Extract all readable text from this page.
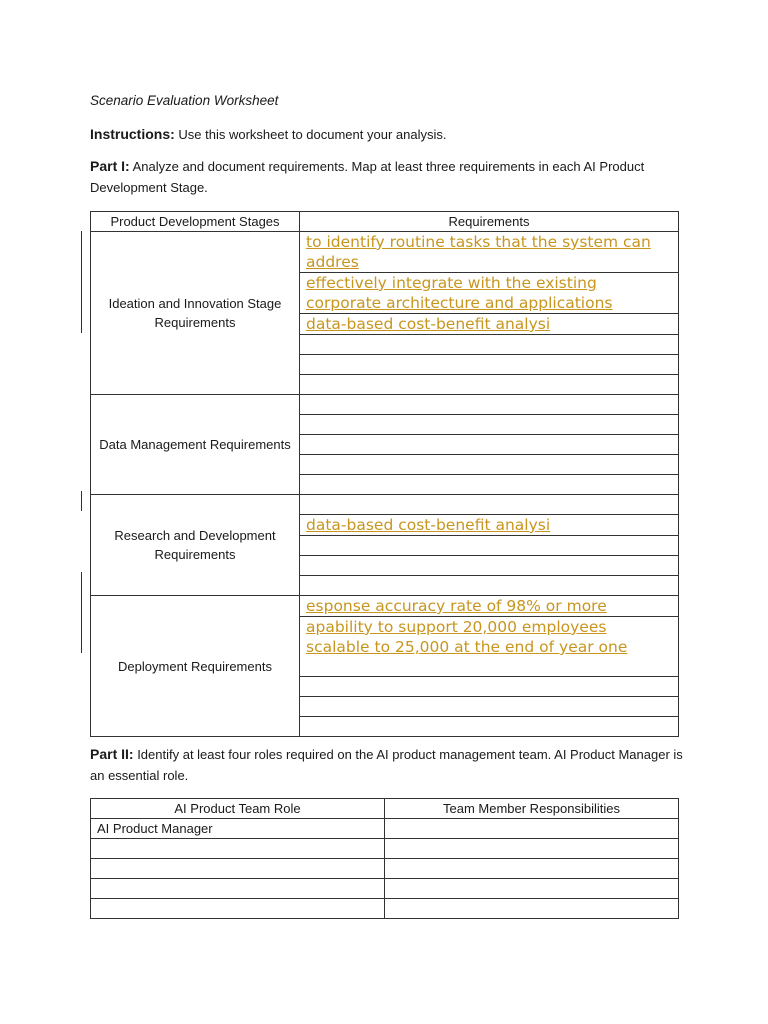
Scenario Evaluation Worksheet
Instructions: Use this worksheet to document your analysis.
Part I: Analyze and document requirements. Map at least three requirements in each AI Product Development Stage.
Product Development Stages	Requirements
Ideation and Innovation Stage Requirements	to identify routine tasks that the system can addres

	effectively integrate with the existing corporate architecture and applications

	data-based cost-benefit analysi

Data Management Requirements	

Research and Development Requirements	

	data-based cost-benefit analysi

Deployment Requirements	esponse accuracy rate of 98% or more

	apability to support 20,000 employees scalable to 25,000 at the end of year one

Part II: Identify at least four roles required on the AI product management team. AI Product Manager is an essential role.
AI Product Team Role	Team Member Responsibilities
AI Product Manager	
